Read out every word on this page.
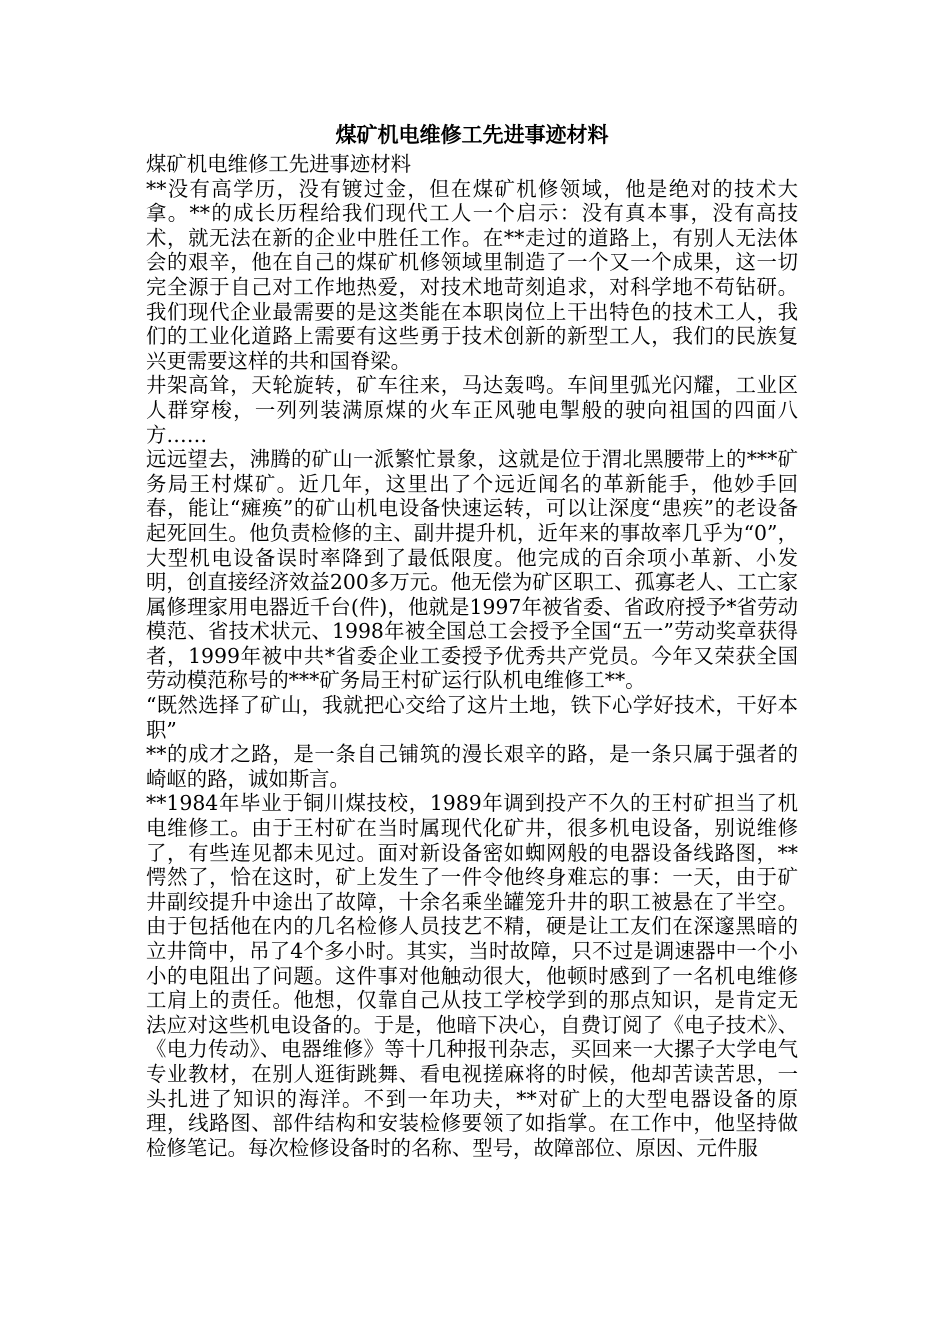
煤矿机电维修工先进事迹材料

煤矿机电维修工先进事迹材料

**没有高学历，没有镀过金，但在煤矿机修领域，他是绝对的技术大拿。**的成长历程给我们现代工人一个启示：没有真本事，没有高技术，就无法在新的企业中胜任工作。在**走过的道路上，有别人无法体会的艰辛，他在自己的煤矿机修领域里制造了一个又一个成果，这一切完全源于自己对工作地热爱，对技术地苛刻追求，对科学地不苟钻研。我们现代企业最需要的是这类能在本职岗位上干出特色的技术工人，我们的工业化道路上需要有这些勇于技术创新的新型工人，我们的民族复兴更需要这样的共和国脊梁。

井架高耸，天轮旋转，矿车往来，马达轰鸣。车间里弧光闪耀，工业区人群穿梭，一列列装满原煤的火车正风驰电掣般的驶向祖国的四面八方……

远远望去，沸腾的矿山一派繁忙景象，这就是位于渭北黑腰带上的***矿务局王村煤矿。近几年，这里出了个远近闻名的革新能手，他妙手回春，能让“瘫痪”的矿山机电设备快速运转，可以让深度“患疾”的老设备起死回生。他负责检修的主、副井提升机，近年来的事故率几乎为“0”，大型机电设备误时率降到了最低限度。他完成的百余项小革新、小发明，创直接经济效益200多万元。他无偿为矿区职工、孤寡老人、工亡家属修理家用电器近千台(件)，他就是1997年被省委、省政府授予*省劳动模范、省技术状元、1998年被全国总工会授予全国“五一”劳动奖章获得者，1999年被中共*省委企业工委授予优秀共产党员。今年又荣获全国劳动模范称号的***矿务局王村矿运行队机电维修工**。

“既然选择了矿山，我就把心交给了这片土地，铁下心学好技术，干好本职”

**的成才之路，是一条自己铺筑的漫长艰辛的路，是一条只属于强者的崎岖的路，诚如斯言。

**1984年毕业于铜川煤技校，1989年调到投产不久的王村矿担当了机电维修工。由于王村矿在当时属现代化矿井，很多机电设备，别说维修了，有些连见都未见过。面对新设备密如蜘网般的电器设备线路图，**愕然了，恰在这时，矿上发生了一件令他终身难忘的事：一天，由于矿井副绞提升中途出了故障，十余名乘坐罐笼升井的职工被悬在了半空。由于包括他在内的几名检修人员技艺不精，硬是让工友们在深邃黑暗的立井筒中，吊了4个多小时。其实，当时故障，只不过是调速器中一个小小的电阻出了问题。这件事对他触动很大，他顿时感到了一名机电维修工肩上的责任。他想，仅靠自己从技工学校学到的那点知识，是肯定无法应对这些机电设备的。于是，他暗下决心，自费订阅了《电子技术》、《电力传动》、电器维修》等十几种报刊杂志，买回来一大摞子大学电气专业教材，在别人逛街跳舞、看电视搓麻将的时候，他却苦读苦思，一头扎进了知识的海洋。不到一年功夫，**对矿上的大型电器设备的原理，线路图、部件结构和安装检修要领了如指掌。在工作中，他坚持做检修笔记。每次检修设备时的名称、型号，故障部位、原因、元件服
